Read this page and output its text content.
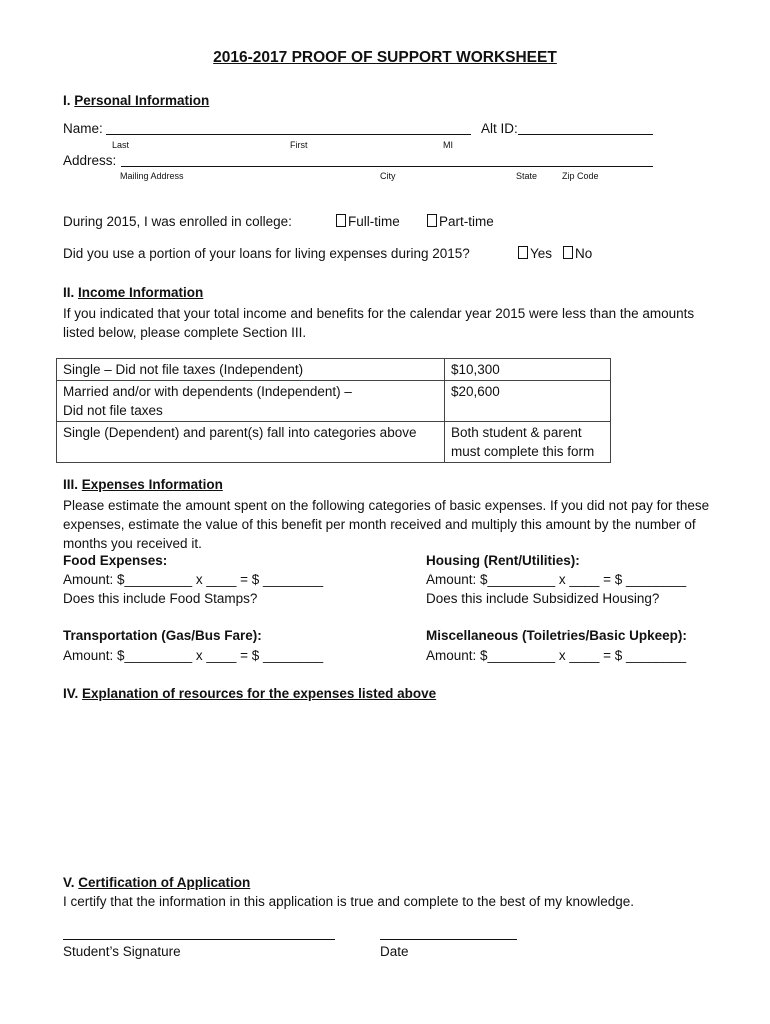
2016-2017 PROOF OF SUPPORT WORKSHEET
I. Personal Information
Name:	Alt ID:
Last	First	MI
Address:
Mailing Address	City	State	Zip Code
During 2015, I was enrolled in college:	Full-time	Part-time
Did you use a portion of your loans for living expenses during 2015?	Yes	No
II. Income Information
If you indicated that your total income and benefits for the calendar year 2015 were less than the amounts listed below, please complete Section III.
Single – Did not file taxes (Independent)	$10,300

Married and/or with dependents (Independent) –
Did not file taxes	$20,600
Single (Dependent) and parent(s) fall into categories above	Both student & parent
must complete this form
III. Expenses Information
Please estimate the amount spent on the following categories of basic expenses. If you did not pay for these expenses, estimate the value of this benefit per month received and multiply this amount by the number of months you received it.
Food Expenses:
Amount: $_________ x ____ = $ ________
Does this include Food Stamps?
Housing (Rent/Utilities):
Amount: $_________ x ____ = $ ________
Does this include Subsidized Housing?
Transportation (Gas/Bus Fare):
Amount: $_________ x ____ = $ ________
Miscellaneous (Toiletries/Basic Upkeep):
Amount: $_________ x ____ = $ ________
IV. Explanation of resources for the expenses listed above
V. Certification of Application
I certify that the information in this application is true and complete to the best of my knowledge.
Student’s Signature	Date
